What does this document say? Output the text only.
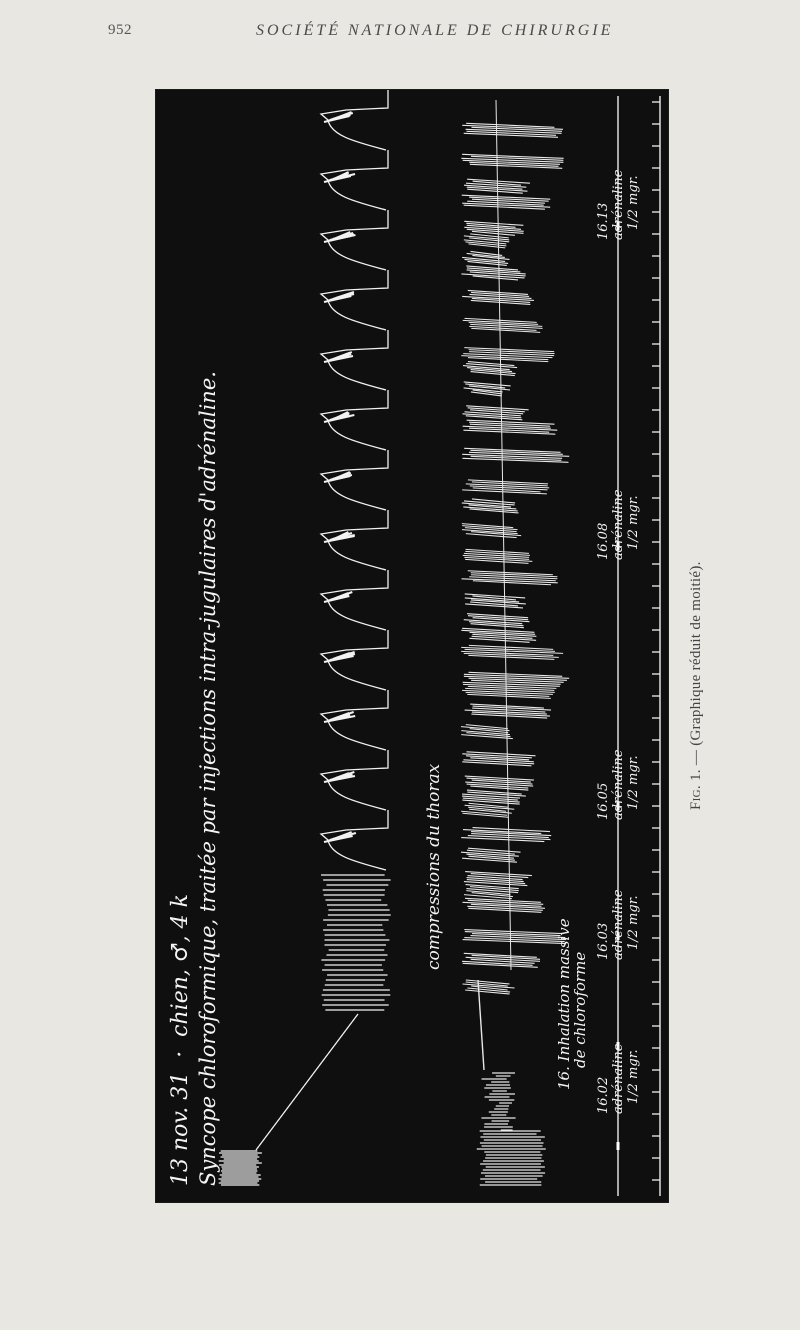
952	SOCIÉTÉ NATIONALE DE CHIRURGIE
13 nov. 31  ·  chien, ♂, 4 k Syncope chloroformique, traitée par injections intra-jugulaires d'adrénaline.	compressions du thorax
16. Inhalation massive
de chloroforme
16.02 adrénaline 1/2 mgr.
16.03 adrénaline 1/2 mgr.
16.05 adrénaline 1/2 mgr.
16.08 adrénaline 1/2 mgr.
16.13 adrénaline 1/2 mgr.
Fig. 1. — (Graphique réduit de moitié).
